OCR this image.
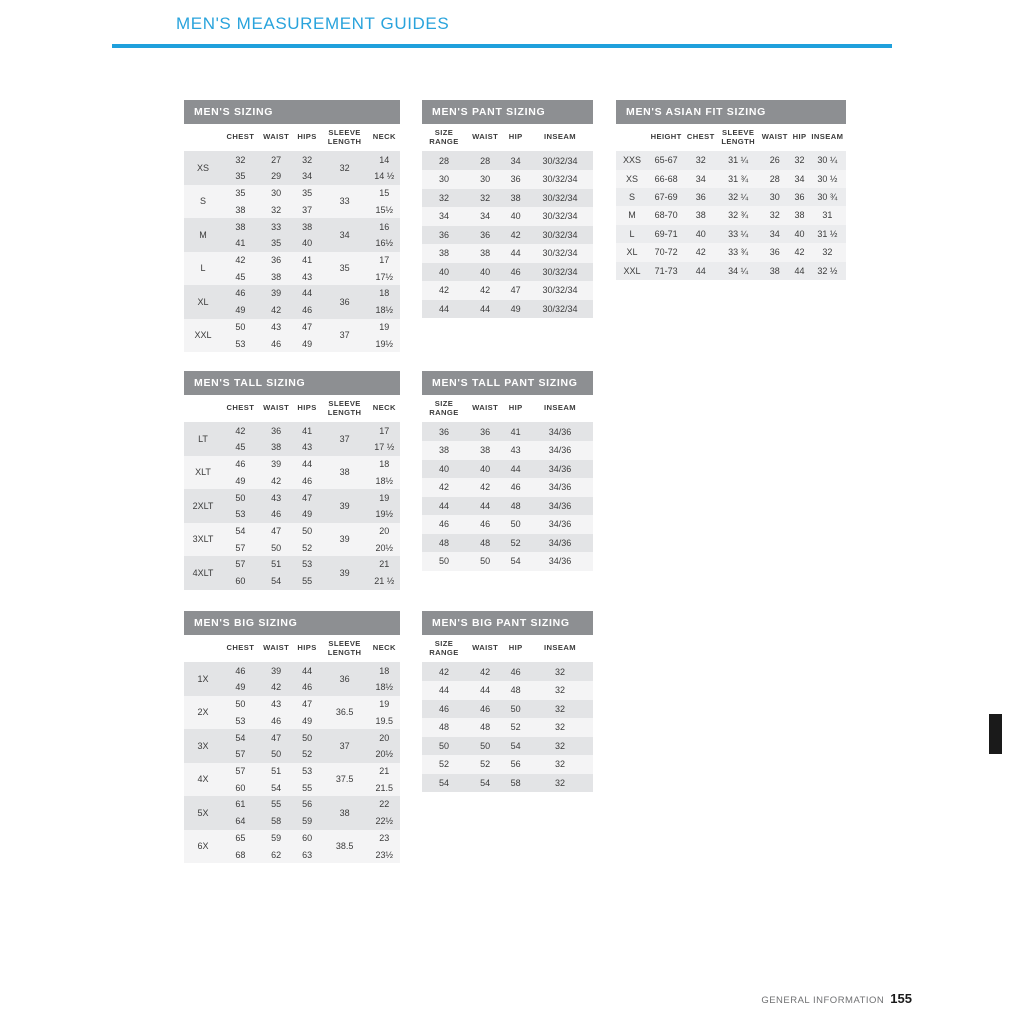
MEN'S MEASUREMENT GUIDES
MEN'S SIZING
	CHEST	WAIST	HIPS	SLEEVE LENGTH	NECK
XS	32	27	32	32	14
	35	29	34		14 ½
S	35	30	35	33	15
	38	32	37		15½
M	38	33	38	34	16
	41	35	40		16½
L	42	36	41	35	17
	45	38	43		17½
XL	46	39	44	36	18
	49	42	46		18½
XXL	50	43	47	37	19
	53	46	49		19½
MEN'S TALL SIZING
	CHEST	WAIST	HIPS	SLEEVE LENGTH	NECK
LT	42	36	41	37	17
	45	38	43		17 ½
XLT	46	39	44	38	18
	49	42	46		18½
2XLT	50	43	47	39	19
	53	46	49		19½
3XLT	54	47	50	39	20
	57	50	52		20½
4XLT	57	51	53	39	21
	60	54	55		21 ½
MEN'S BIG SIZING
	CHEST	WAIST	HIPS	SLEEVE LENGTH	NECK
1X	46	39	44	36	18
	49	42	46		18½
2X	50	43	47	36.5	19
	53	46	49		19.5
3X	54	47	50	37	20
	57	50	52		20½
4X	57	51	53	37.5	21
	60	54	55		21.5
5X	61	55	56	38	22
	64	58	59		22½
6X	65	59	60	38.5	23
	68	62	63		23½
MEN'S PANT SIZING
SIZE RANGE	WAIST	HIP	INSEAM
28	28	34	30/32/34
30	30	36	30/32/34
32	32	38	30/32/34
34	34	40	30/32/34
36	36	42	30/32/34
38	38	44	30/32/34
40	40	46	30/32/34
42	42	47	30/32/34
44	44	49	30/32/34
MEN'S TALL PANT SIZING
SIZE RANGE	WAIST	HIP	INSEAM
36	36	41	34/36
38	38	43	34/36
40	40	44	34/36
42	42	46	34/36
44	44	48	34/36
46	46	50	34/36
48	48	52	34/36
50	50	54	34/36
MEN'S BIG PANT SIZING
SIZE RANGE	WAIST	HIP	INSEAM
42	42	46	32
44	44	48	32
46	46	50	32
48	48	52	32
50	50	54	32
52	52	56	32
54	54	58	32
MEN'S ASIAN FIT SIZING
	HEIGHT	CHEST	SLEEVE LENGTH	WAIST	HIP	INSEAM
XXS	65-67	32	31 ¼	26	32	30 ¼
XS	66-68	34	31 ¾	28	34	30 ½
S	67-69	36	32 ¼	30	36	30 ¾
M	68-70	38	32 ¾	32	38	31
L	69-71	40	33 ¼	34	40	31 ½
XL	70-72	42	33 ¾	36	42	32
XXL	71-73	44	34 ¼	38	44	32 ½
GENERAL INFORMATION 155
